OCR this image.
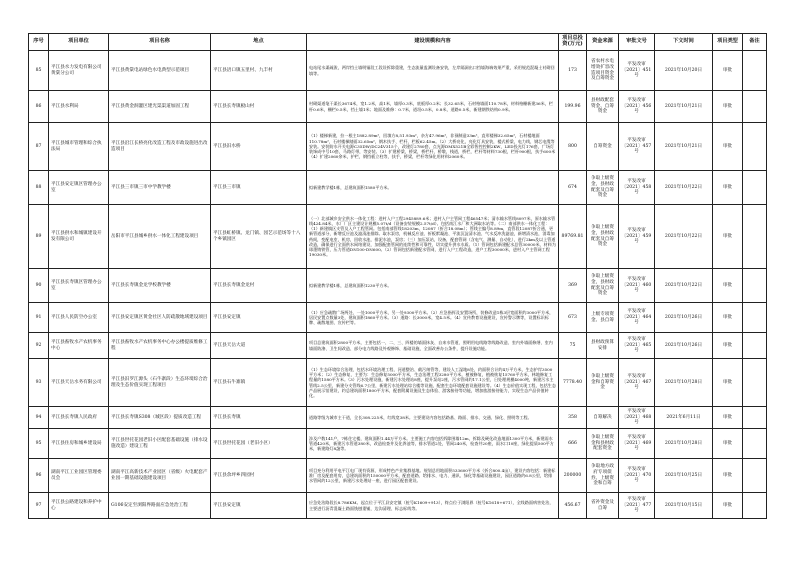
序号	项目单位	项目名称	地点	建设规模和内容	项目总投资(万元)	资金来源	审批文号	下文时间	项目类型	备注
85	平江县水力发电有限公司黄棠分公司	平江县黄棠电站绿色水电典型示范项目	平江县浯口镇五里村、九丰村	电站尾水渠疏浚，两岸挡土墙明锚段工段设拆除重建，生态流量监测设备安装，左岸隔洞出口挡墙海端效果严重，采用规范混凝土衬砌回填等。	173	省农村水电增效扩容改造项目资金及自筹资金	平发改审〔2021〕451号	2021年10月20日	审批	
86	平江县水利局	平江县黄金洞灌区建光渠渠道加固工程	平江县长寿镇板山村	村砌渠道笔干渠长3674米，宽1.2米，高1米，墙厚0.3米，底板厚0.2米；长32.65米，石材格墙面110.78米，材料格栅新建36米，栏杆0.6米，栅栏0.5米，挡土墙1米；地面及维修：0.7米，道坦0.5米，0.8米，道路0.5米，新建钢铁结构0.9米。	199.96	县财政配套资金、自筹资金	平发改审〔2021〕456号	2021年10月21日	审批	
87	平江县城市管理和综合执法局	平江县沿江长桥亮化改造工程及市政设施进出改造项目	平江县汨水桥	（1）楼梯新建，拉一根主1882.89m²，回填方8,51.93m²，杂方47.96m²，非预制造33m²，直形楼梯32.65m²，石材楼地面110.78m²，石材楼梯踏面32.65m²，钢木扶手、栏杆，栏板62.45m。（2）大桥亮化，亮化灯具安装，楼式桥梁，电力线，钢芯电缆等安装。安装防水开关电源C35DW/DC24V315个，改建灯2780套，点光源DMX521B全彩智控控制2KW，LED投光灯176套，广场灯装饰成中号10套，马路灯带，等安装。（3）扩建桥梁，桥梁，桥栏杆，桥墩，栈道，桥栏，栏杆等材料730根，栏杆900根，扶手600米（4）扩建2060余米，护栏，钢挡板立柱等，扶手，桥梁，栏杆等绿化用材料2060米。	800	自筹资金	平发改审〔2021〕457号	2021年10月21日	审批	
88	平江县安定镇区管理办公室	平江县三市镇三市中学教学楼	平江县三市镇	拟新建教学楼1栋，总建筑面积1580平方米。	674	争取上级资金，县财政配套及自筹资金	平发改审〔2021〕458号	2021年10月22日	审批	
89	平江县供水和城镇建设开发有限公司	岳阳市平江县城乡供水一体化工程建设项目	平江县虹桥镇、龙门镇、园艺示范场等十八个乡镇园区	（一）北部城乡安全供水一体化工程：进村入户工程2945889.6米；进村入户主管网工程46547米；清水输水管线8097米，原水输水管线424.84米，水厂厂区主建设计规模5.07t/d（设备安装规模2.57t/d）。包括南江水厂和大洲取水站等。（二）南部供水一体化工程：（1）新建镇区支管及入户工程管网。包括南部管线18203m，12087（折合18.08m）；管线主编号8.89m，直管段12087折合通，更新管道部分，新增反应池及滤清池排除。取水泵房，机械反应池、折板絮凝池、平流沉淀清水池、气水反冲洗滤池，新增清水池，消毒加药间，变配电室，机房，回收水池，排泥水池，泵房；（三）加压泵站，设备，配套管网（含电气、测量、自动化），进行2km及以上管道改造，确保进行全面供水网络建设，加强配套管网的连续性和可靠性，切实提升供水水质。（1）管网包括新建配水总管30000米，材料为球墨铸铁管，压力管道DN100-DN600。（2）管网包括新建配水管网，进行入户工程改造，进户工程30000米，进村入户主管网工程19030米。	89769.81	争取上级资金，县财政配套及自筹资金	平发改审〔2021〕459号	2021年10月22日	审批	
90	平江县长寿镇区管理办公室	平江县长寿镇金龙学校教学楼	平江县长寿镇金龙村	拟新建教学楼1栋，总建筑面积1230平方米。	369	争取上级资金，县财政配套及自筹资金	平发改审〔2021〕460号	2021年10月22日	审批	
91	平江县人民防空办公室	平江县安定镇区黄金社区人防疏散地域建设项目	平江县安定镇	（1）应急疏散广场两处，一处1000平方米，另一处9300平方米。（2）应急指挥及安置场所，装修改造1栋3层宽面积约3000平方米，居民安置点数量3处，建筑面积1860平方米。（3）道路：长3000米，宽4.5米。（4）宣传教育设施建设，宣传警示牌等，设置标识标牌、疏散地图、宣传栏等。	673	上级专项资金、县自筹	平发改审〔2021〕464号	2021年10月26日	审批	
92	平江县畜牧水产农机事务中心	平江县畜牧水产农机事务中心办公楼提质维修工程	平江县天岳大道	项目总建筑面积2800平方米，主要包括一、二、三、四楼的墙面抹灰、自来水管道、照明用电线路等线路改造、室内外墙面修缮、室内墙面防渗、卫生间改造、部分电力线路及外观修饰、基础设施，全面改善办公条件，提升设施功能。	75	县财政预算安排	平发改审〔2021〕465号	2021年10月26日	审批	
93	平江县天岳水务有限公司	平江县汨罗江源头（石牛寨段）生态环境综合治理及生态价值实现工程项目	平江县石牛寨镇	（1）生态环境综合治理，包括水环境治理工程、河道整治、截污纳管等，建设人工湿地8处，约面积合计约4万平方米，生态护岸3500平方米；（2）生态修复，主要为：生态修复5000平方米，生态治理工程3280平方米，植被修复，植被恢复15760平方米，林地修复工程量约1580平方米。（3）污水处理设施，新建污水处理站8座，提升泵站2座，污水管网约17.1公里，日处理规模4000吨，新建污水主管线2.5公里，新建分支管线6.7公里，新建污水处理站综合楼等设施，配套生态环境配套设施建设等。（4）生态价值实现工程，包括生态产品展示馆建设，约总建筑面积1800平方米，配套附属设施及生态体验、游客接待等功能，增加旅游接待能力，实现生态产品价值转化。	7778.40	争取上级资金和自筹资金	平发改审〔2021〕467号	2021年10月28日	审批	
94	平江县长寿镇人民政府	平江县长寿镇S308（城区段）提质改造工程	平江县长寿镇	道路等级为城市主干道，全长308.225米，红线宽38米。主要建设内容包括路基、路面、排水、交通、绿化、照明等工程。	358	自筹解决	平发改审〔2021〕468号	2021年6月11日	审批	
95	平江县住房和城乡建设局	平江县世托花园老旧小区配套基础设施（排水设施改造）建设工程	平江县世托花园（老旧小区）	涉及户数141户，7栋住宅楼，建筑面积1.44万平方米。主要施工内容包括拆除围墙12m，拆除及硬化改造地面1300平方米，新建雨水管道420米，新建污水管道380米，改造检查井及化粪池等，排水管道2处，管网240米，检查井20座，雨水口10座，绿化提质500平方米，新建路灯8盏等。	666	争取上级资金和县财政配套资金	平发改审〔2021〕469号	2021年10月28日	审批	
96	湖南平江工业园区管理委员会	湖南平江高新技术产业园区（省级）火电配套产业园一期基础设施建设项目	平江县余坪乡四园村	项目充分利用平电平江电厂现有资源，形成特色产业集群基地。规划总用地面积533600平方米（折合800.4亩），建设内容包括：新建标准厂房及配套用房，总建筑面积约150000平方米，配套道路、给排水、电力、通讯、绿化等基础设施建设，园区道路约6.8公里，给排水管网约12公里，新建污水处理站一座，进行园区配套建设。	200000	争取地方政府专项债券、上级资金和自筹	平发改审〔2021〕470号	2021年10月25日	审批	
97	平江县公路建设和养护中心	G106安定至浏阳界路面应急处治工程	平江县安定镇	应急处治路段长8.786KM。起点位于平江县安定镇（桩号K1609+913），终点位于浏阳界（桩号K1618+671），全线路面病害处治，主要进行沥青混凝土路面铣刨重铺，边沟清理、标志标线等。	456.67	省补资金及自筹	平发改审〔2021〕477号	2021年10月15日	审批	
